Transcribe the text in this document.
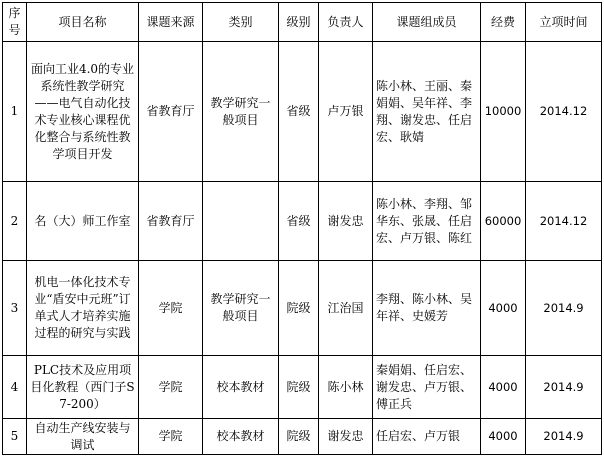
序号	项目名称	课题来源	类别	级别	负责人	课题组成员	经费	立项时间
1	面向工业4.0的专业系统性教学研究——电气自动化技术专业核心课程优化整合与系统性教学项目开发	省教育厅	教学研究一般项目	省级	卢万银	陈小林、王丽、秦娟娟、吴年祥、李翔、谢发忠、任启宏、耿婧	10000	2014.12
2	名（大）师工作室	省教育厅		省级	谢发忠	陈小林、李翔、邹华东、张晟、任启宏、卢万银、陈红	60000	2014.12
3	机电一体化技术专业“盾安中元班”订单式人才培养实施过程的研究与实践	学院	教学研究一般项目	院级	江治国	李翔、陈小林、吴年祥、史媛芳	4000	2014.9
4	PLC技术及应用项目化教程（西门子S7-200）	学院	校本教材	院级	陈小林	秦娟娟、任启宏、谢发忠、卢万银、傅正兵	4000	2014.9
5	自动生产线安装与调试	学院	校本教材	院级	谢发忠	任启宏、卢万银	4000	2014.9
